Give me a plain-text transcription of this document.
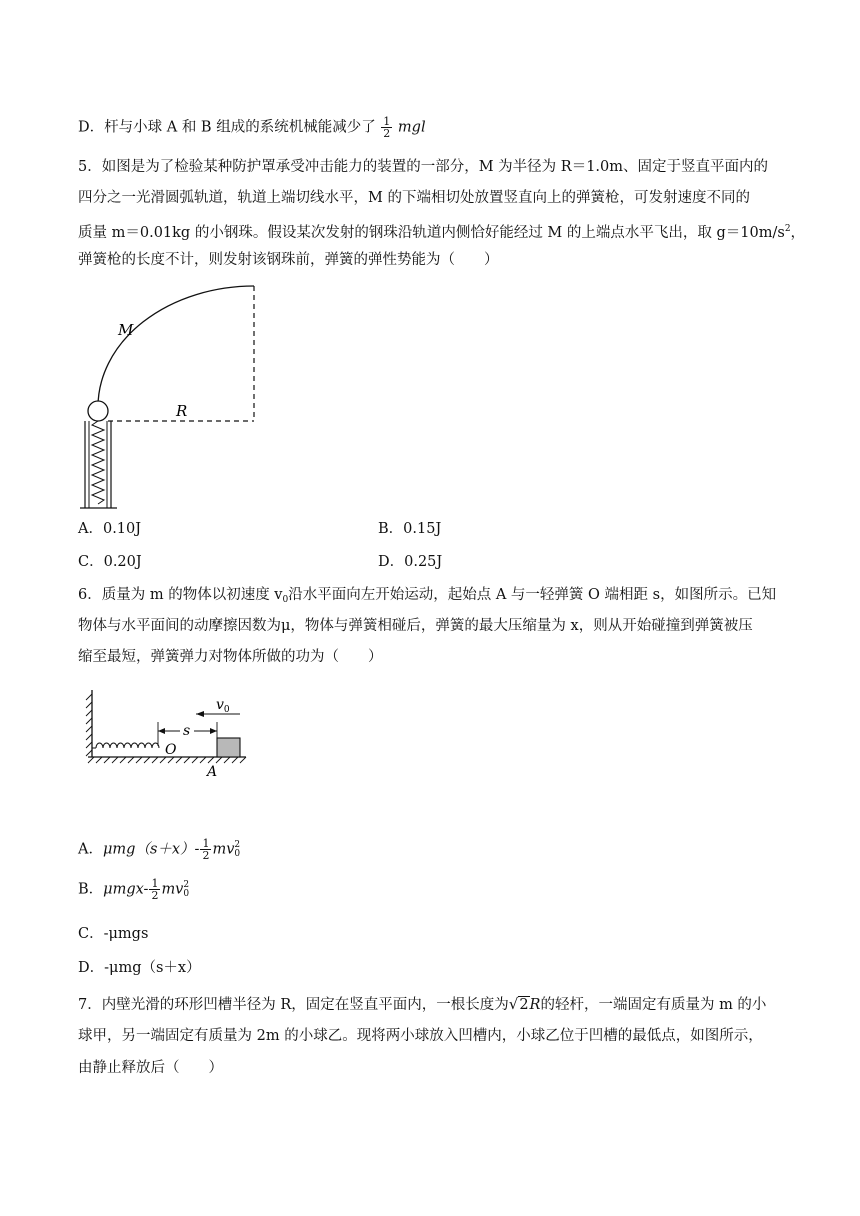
D．杆与小球 A 和 B 组成的系统机械能减少了 $\frac{1}{2}$ mgl
5．如图是为了检验某种防护罩承受冲击能力的装置的一部分，M 为半径为 R＝1.0m、固定于竖直平面内的
四分之一光滑圆弧轨道，轨道上端切线水平，M 的下端相切处放置竖直向上的弹簧枪，可发射速度不同的
质量 m＝0.01kg 的小钢珠。假设某次发射的钢珠沿轨道内侧恰好能经过 M 的上端点水平飞出，取 $g=10m/s^2$，
弹簧枪的长度不计，则发射该钢珠前，弹簧的弹性势能为（　　）
M
R
A．0.10J	B．0.15J
C．0.20J	D．0.25J
6．质量为 m 的物体以初速度 $v_0$沿水平面向左开始运动，起始点 A 与一轻弹簧 O 端相距 s，如图所示。已知
物体与水平面间的动摩擦因数为μ，物体与弹簧相碰后，弹簧的最大压缩量为 x，则从开始碰撞到弹簧被压
缩至最短，弹簧弹力对物体所做的功为（　　）
$v_0$
s
O
A
A．$\mu mg(s+x)- \frac{1}{2}$ mv 2
0
B．$\mu mgx- \frac{1}{2}$ mv 2
0
C．-μmgs
D．-μmg（s＋x）
7．内壁光滑的环形凹槽半径为 R，固定在竖直平面内，一根长度为√2R的轻杆，一端固定有质量为 m 的小
球甲，另一端固定有质量为 2m 的小球乙。现将两小球放入凹槽内，小球乙位于凹槽的最低点，如图所示，
由静止释放后（　　）
